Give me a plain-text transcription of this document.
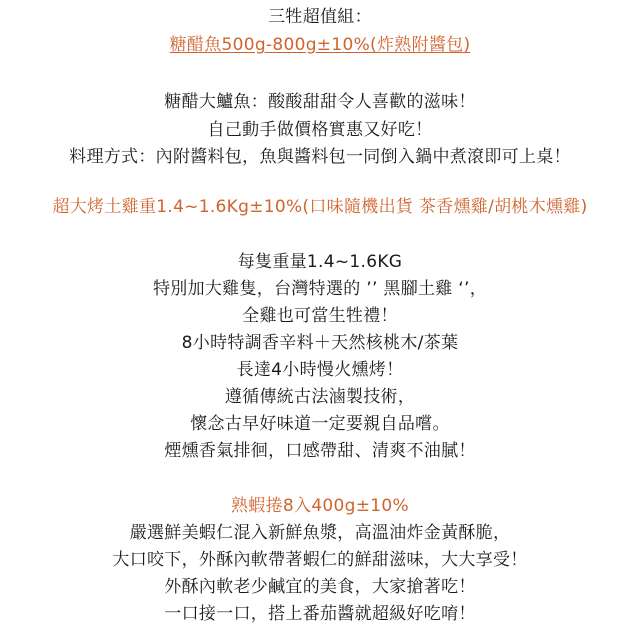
三牲超值組：
糖醋魚500g-800g±10%(炸熟附醬包)
糖醋大鱸魚：酸酸甜甜令人喜歡的滋味！
自己動手做價格實惠又好吃！
料理方式：內附醬料包，魚與醬料包一同倒入鍋中煮滾即可上桌！
超大烤土雞重1.4~1.6Kg±10%(口味隨機出貨 茶香燻雞/胡桃木燻雞)
每隻重量1.4~1.6KG
特別加大雞隻，台灣特選的 ’’ 黑腳土雞 ‘’，
全雞也可當生牲禮！
8小時特調香辛料＋天然核桃木/茶葉
長達4小時慢火燻烤！
遵循傳統古法滷製技術，
懷念古早好味道一定要親自品嚐。
煙燻香氣排徊，口感帶甜、清爽不油膩！
熟蝦捲8入400g±10%
嚴選鮮美蝦仁混入新鮮魚漿，高溫油炸金黃酥脆，
大口咬下，外酥內軟帶著蝦仁的鮮甜滋味，大大享受！
外酥內軟老少鹹宜的美食，大家搶著吃！
一口接一口，搭上番茄醬就超級好吃唷！
